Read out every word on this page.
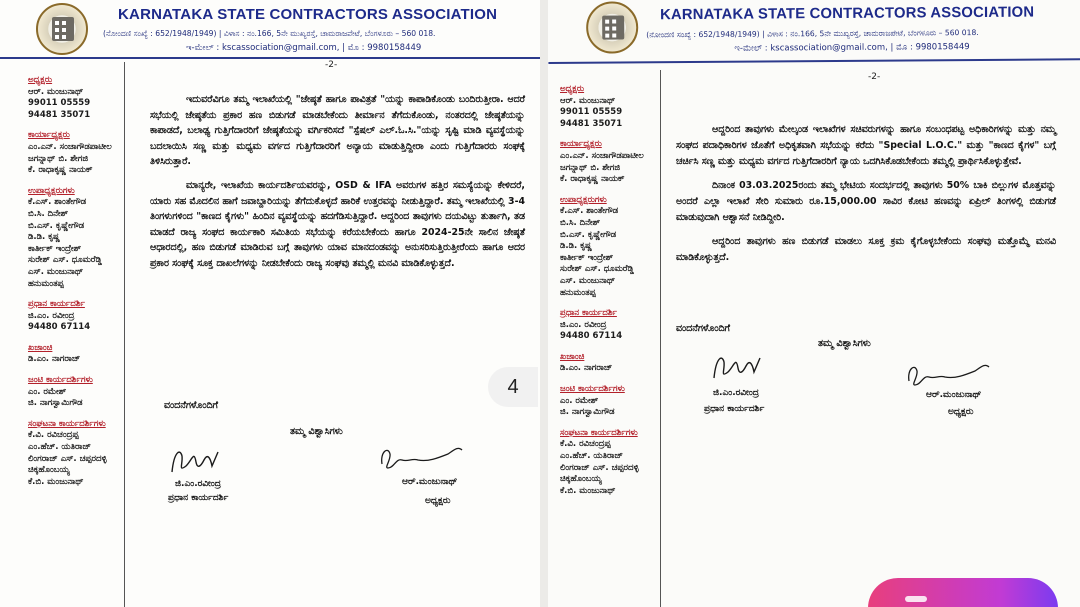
KARNATAKA STATE CONTRACTORS ASSOCIATION
(ನೋಂದಣಿ ಸಂಖ್ಯೆ : 652/1948/1949) | ವಿಳಾಸ : ನಂ.166, 5ನೇ ಮುಖ್ಯರಸ್ತೆ, ಚಾಮರಾಜಪೇಟೆ, ಬೆಂಗಳೂರು – 560 018.
ಇ-ಮೇಲ್ : kscassociation@gmail.com, | ಮೊ : 9980158449
ಅಧ್ಯಕ್ಷರು
ಆರ್. ಮಂಜುನಾಥ್
99011 05559
94481 35071
ಕಾರ್ಯಾಧ್ಯಕ್ಷರು
ಎಂ.ಎನ್. ಸಂಜಾಗೌಡಪಾಟೀಲ
ಜಗನ್ನಾಥ್ ಬಿ. ಶೇಗಜಿ
ಕೆ. ರಾಧಾಕೃಷ್ಣ ನಾಯಕ್
ಉಪಾಧ್ಯಕ್ಷರುಗಳು
ಕೆ.ಎಸ್. ಶಾಂತೇಗೌಡ
ಬಿ.ಸಿ. ದಿನೇಶ್
ಬಿ.ಎಸ್. ಕೃಷ್ಣೇಗೌಡ
ಡಿ.ಡಿ. ಕೃಷ್ಣ
ಕಾರ್ತೀಕ್ ಇಂದ್ರೇಶ್
ಸುರೇಶ್ ಎಸ್. ಧೂಮರೆಡ್ಡಿ
ಎಸ್. ಮಂಜುನಾಥ್
ಹನುಮಂತಪ್ಪ
ಪ್ರಧಾನ ಕಾರ್ಯದರ್ಶಿ
ಜಿ.ಎಂ. ರವೀಂದ್ರ
94480 67114
ಖಜಾಂಚಿ
ಡಿ.ಎಂ. ನಾಗರಾಜ್
ಜಂಟಿ ಕಾರ್ಯದರ್ಶಿಗಳು
ಎಂ. ರಮೇಶ್
ಜಿ. ನಾಗಸ್ವಾಮಿಗೌಡ
ಸಂಘಟನಾ ಕಾರ್ಯದರ್ಶಿಗಳು
ಕೆ.ವಿ. ರವಿಚಂದ್ರಪ್ಪ
ಎಂ.ಹೆಚ್. ಯತಿರಾಜ್
ಲಿಂಗರಾಜ್ ಎಸ್. ಚಪ್ಪರದಳ್ಳಿ
ಚಿಕ್ಕಹೊಂಬಯ್ಯ
ಕೆ.ಬಿ. ಮಂಜುನಾಥ್
-2-

ಇದುವರೆವಿಗೂ ತಮ್ಮ ಇಲಾಖೆಯಲ್ಲಿ "ಜೇಷ್ಠತೆ ಹಾಗೂ ಪಾವಿತ್ರತೆ "ಯನ್ನು ಕಾಪಾಡಿಕೊಂಡು ಬಂದಿರುತ್ತೀರಾ. ಆದರೆ ಸಭೆಯಲ್ಲಿ ಜೇಷ್ಠತೆಯ ಪ್ರಕಾರ ಹಣ ಬಿಡುಗಡೆ ಮಾಡಬೇಕೆಂದು ತೀರ್ಮಾನ ತೆಗೆದುಕೊಂಡು, ನಂತರದಲ್ಲಿ ಜೇಷ್ಠತೆಯನ್ನು ಕಾಪಾಡದೆ, ಬಲಾಢ್ಯ ಗುತ್ತಿಗೆದಾರರಿಗೆ ಜೇಷ್ಠತೆಯನ್ನು ವರ್ಗಿಕರಿಸದೆ "ಸ್ಪೆಷಲ್ ಎಲ್.ಓ.ಸಿ."ಯನ್ನು ಸೃಷ್ಟಿ ಮಾಡಿ ವ್ಯವಸ್ಥೆಯನ್ನು ಬದಲಾಯಿಸಿ ಸಣ್ಣ ಮತ್ತು ಮಧ್ಯಮ ವರ್ಗದ ಗುತ್ತಿಗೆದಾರರಿಗೆ ಅನ್ಯಾಯ ಮಾಡುತ್ತಿದ್ದೀರಾ ಎಂದು ಗುತ್ತಿಗೆದಾರರು ಸಂಘಕ್ಕೆ ತಿಳಿಸಿರುತ್ತಾರೆ.

ಮಾನ್ಯರೇ, ಇಲಾಖೆಯ ಕಾರ್ಯದರ್ಶಿಯವರನ್ನು, OSD & IFA ಅವರುಗಳ ಹತ್ತಿರ ಸಮಸ್ಯೆಯನ್ನು ಕೇಳಿದರೆ, ಯಾರು ಸಹ ಮೊದಲಿನ ಹಾಗೆ ಜವಾಬ್ದಾರಿಯನ್ನು ತೆಗೆದುಕೊಳ್ಳದೆ ಹಾರಿಕೆ ಉತ್ತರವನ್ನು ನೀಡುತ್ತಿದ್ದಾರೆ. ತಮ್ಮ ಇಲಾಖೆಯಲ್ಲಿ 3-4 ತಿಂಗಳುಗಳಿಂದ "ಕಾಣದ ಕೈಗಳು" ಹಿಂದಿನ ವ್ಯವಸ್ಥೆಯನ್ನು ಹದಗೆಡಿಸುತ್ತಿದ್ದಾರೆ. ಆದ್ದರಿಂದ ತಾವುಗಳು ದಯವಿಟ್ಟು ತುರ್ತಾಗಿ, ತಡ ಮಾಡದೆ ರಾಜ್ಯ ಸಂಘದ ಕಾರ್ಯಕಾರಿ ಸಮಿತಿಯ ಸಭೆಯನ್ನು ಕರೆಯಬೇಕೆಂದು ಹಾಗೂ 2024-25ನೇ ಸಾಲಿನ ಜೇಷ್ಠತೆ ಆಧಾರದಲ್ಲಿ, ಹಣ ಬಿಡುಗಡೆ ಮಾಡಿರುವ ಬಗ್ಗೆ ತಾವುಗಳು ಯಾವ ಮಾನದಂಡವನ್ನು ಅನುಸರಿಸುತ್ತಿರುತ್ತೀರೆಂದು ಹಾಗೂ ಆದರ ಪ್ರಕಾರ ಸಂಘಕ್ಕೆ ಸೂಕ್ತ ದಾಖಲೆಗಳನ್ನು ನೀಡಬೇಕೆಂದು ರಾಜ್ಯ ಸಂಘವು ತಮ್ಮಲ್ಲಿ ಮನವಿ ಮಾಡಿಕೊಳ್ಳುತ್ತದೆ.

ವಂದನೆಗಳೊಂದಿಗೆ
ತಮ್ಮ ವಿಶ್ವಾಸಿಗಳು
ಜಿ.ಎಂ.ರವೀಂದ್ರ
ಪ್ರಧಾನ ಕಾರ್ಯದರ್ಶಿ
ಆರ್.ಮಂಜುನಾಥ್
ಅಧ್ಯಕ್ಷರು
KARNATAKA STATE CONTRACTORS ASSOCIATION
(ನೋಂದಣಿ ಸಂಖ್ಯೆ : 652/1948/1949) | ವಿಳಾಸ : ನಂ.166, 5ನೇ ಮುಖ್ಯರಸ್ತೆ, ಚಾಮರಾಜಪೇಟೆ, ಬೆಂಗಳೂರು – 560 018.
ಇ-ಮೇಲ್ : kscassociation@gmail.com, | ಮೊ : 9980158449
ಅಧ್ಯಕ್ಷರು
ಆರ್. ಮಂಜುನಾಥ್
99011 05559
94481 35071
ಕಾರ್ಯಾಧ್ಯಕ್ಷರು
ಎಂ.ಎನ್. ಸಂಜಾಗೌಡಪಾಟೀಲ
ಜಗನ್ನಾಥ್ ಬಿ. ಶೇಗಜಿ
ಕೆ. ರಾಧಾಕೃಷ್ಣ ನಾಯಕ್
ಉಪಾಧ್ಯಕ್ಷರುಗಳು
ಕೆ.ಎಸ್. ಶಾಂತೇಗೌಡ
ಬಿ.ಸಿ. ದಿನೇಶ್
ಬಿ.ಎಸ್. ಕೃಷ್ಣೇಗೌಡ
ಡಿ.ಡಿ. ಕೃಷ್ಣ
ಕಾರ್ತೀಕ್ ಇಂದ್ರೇಶ್
ಸುರೇಶ್ ಎಸ್. ಧೂಮರೆಡ್ಡಿ
ಎಸ್. ಮಂಜುನಾಥ್
ಹನುಮಂತಪ್ಪ
ಪ್ರಧಾನ ಕಾರ್ಯದರ್ಶಿ
ಜಿ.ಎಂ. ರವೀಂದ್ರ
94480 67114
ಖಜಾಂಚಿ
ಡಿ.ಎಂ. ನಾಗರಾಜ್
ಜಂಟಿ ಕಾರ್ಯದರ್ಶಿಗಳು
ಎಂ. ರಮೇಶ್
ಜಿ. ನಾಗಸ್ವಾಮಿಗೌಡ
ಸಂಘಟನಾ ಕಾರ್ಯದರ್ಶಿಗಳು
ಕೆ.ವಿ. ರವಿಚಂದ್ರಪ್ಪ
ಎಂ.ಹೆಚ್. ಯತಿರಾಜ್
ಲಿಂಗರಾಜ್ ಎಸ್. ಚಪ್ಪರದಳ್ಳಿ
ಚಿಕ್ಕಹೊಂಬಯ್ಯ
ಕೆ.ಬಿ. ಮಂಜುನಾಥ್
-2-

ಆದ್ದರಿಂದ ತಾವುಗಳು ಮೇಲ್ಕಂಡ ಇಲಾಖೆಗಳ ಸಚಿವರುಗಳನ್ನು ಹಾಗೂ ಸಂಬಂಧಪಟ್ಟ ಅಧಿಕಾರಿಗಳನ್ನು ಮತ್ತು ನಮ್ಮ ಸಂಘದ ಪದಾಧಿಕಾರಿಗಳ ಜೊತೆಗೆ ಅಧಿಕೃತವಾಗಿ ಸಭೆಯನ್ನು ಕರೆದು "Special L.O.C." ಮತ್ತು "ಕಾಣದ ಕೈಗಳ" ಬಗ್ಗೆ ಚರ್ಚಿಸಿ ಸಣ್ಣ ಮತ್ತು ಮಧ್ಯಮ ವರ್ಗದ ಗುತ್ತಿಗೆದಾರರಿಗೆ ನ್ಯಾಯ ಒದಗಿಸಿಕೊಡಬೇಕೆಂದು ತಮ್ಮಲ್ಲಿ ಪ್ರಾರ್ಥಿಸಿಕೊಳ್ಳುತ್ತೇವೆ.

ದಿನಾಂಕ 03.03.2025ರಂದು ತಮ್ಮ ಭೇಟಿಯ ಸಂದರ್ಭದಲ್ಲಿ ತಾವುಗಳು 50% ಬಾಕಿ ಬಿಲ್ಲುಗಳ ಮೊತ್ತವನ್ನು ಅಂದರೆ ಎಲ್ಲಾ ಇಲಾಖೆ ಸೇರಿ ಸುಮಾರು ರೂ.15,000.00 ಸಾವಿರ ಕೋಟಿ ಹಣವನ್ನು ಏಪ್ರಿಲ್ ತಿಂಗಳಲ್ಲಿ ಬಿಡುಗಡೆ ಮಾಡುವುದಾಗಿ ಆಶ್ವಾಸನೆ ನೀಡಿದ್ದೀರಿ.

ಆದ್ದರಿಂದ ತಾವುಗಳು ಹಣ ಬಿಡುಗಡೆ ಮಾಡಲು ಸೂಕ್ತ ಕ್ರಮ ಕೈಗೊಳ್ಳಬೇಕೆಂದು ಸಂಘವು ಮತ್ತೊಮ್ಮೆ ಮನವಿ ಮಾಡಿಕೊಳ್ಳುತ್ತದೆ.

ವಂದನೆಗಳೊಂದಿಗೆ
ತಮ್ಮ ವಿಶ್ವಾಸಿಗಳು
ಜಿ.ಎಂ.ರವೀಂದ್ರ
ಪ್ರಧಾನ ಕಾರ್ಯದರ್ಶಿ
ಆರ್.ಮಂಜುನಾಥ್
ಅಧ್ಯಕ್ಷರು
4
